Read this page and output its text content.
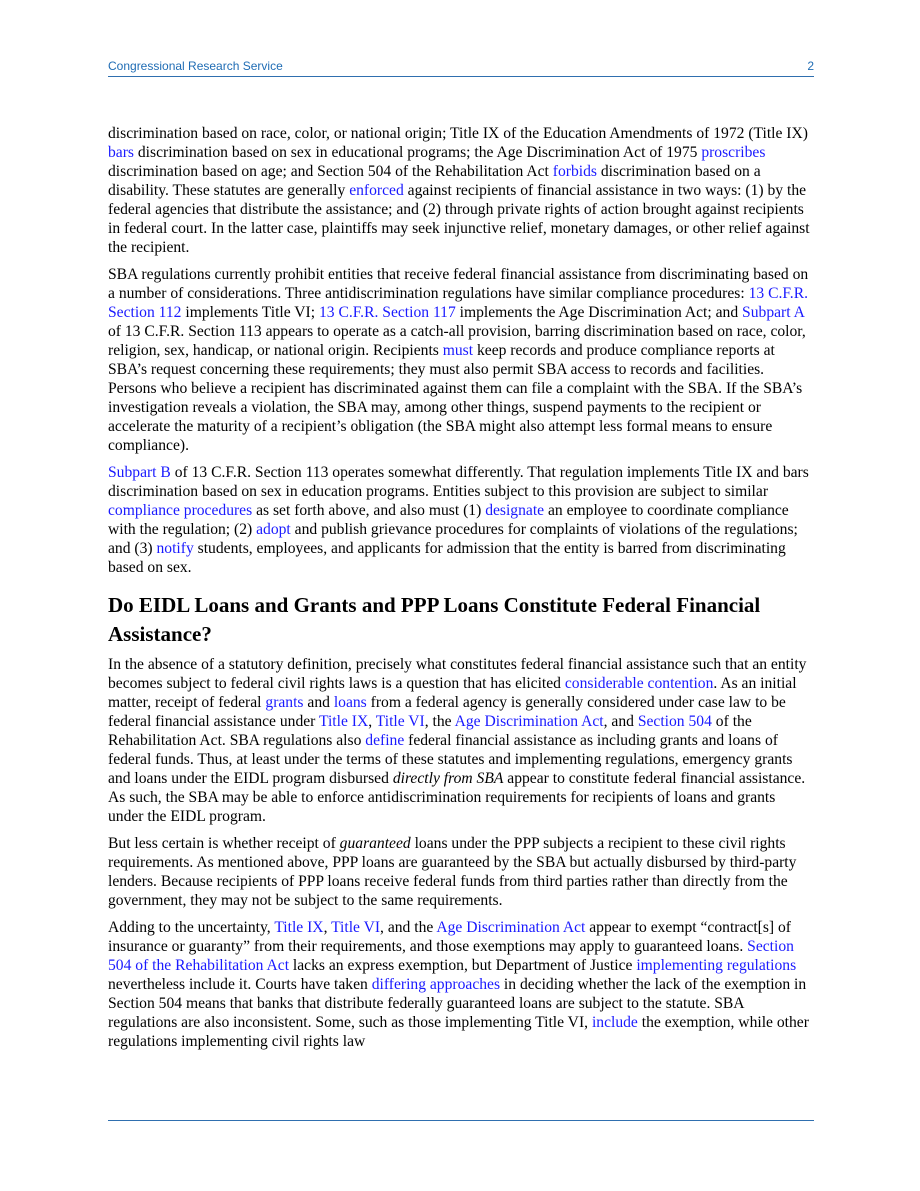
Congressional Research Service	2

discrimination based on race, color, or national origin; Title IX of the Education Amendments of 1972 (Title IX) bars discrimination based on sex in educational programs; the Age Discrimination Act of 1975 proscribes discrimination based on age; and Section 504 of the Rehabilitation Act forbids discrimination based on a disability. These statutes are generally enforced against recipients of financial assistance in two ways: (1) by the federal agencies that distribute the assistance; and (2) through private rights of action brought against recipients in federal court. In the latter case, plaintiffs may seek injunctive relief, monetary damages, or other relief against the recipient.

SBA regulations currently prohibit entities that receive federal financial assistance from discriminating based on a number of considerations. Three antidiscrimination regulations have similar compliance procedures: 13 C.F.R. Section 112 implements Title VI; 13 C.F.R. Section 117 implements the Age Discrimination Act; and Subpart A of 13 C.F.R. Section 113 appears to operate as a catch-all provision, barring discrimination based on race, color, religion, sex, handicap, or national origin. Recipients must keep records and produce compliance reports at SBA’s request concerning these requirements; they must also permit SBA access to records and facilities. Persons who believe a recipient has discriminated against them can file a complaint with the SBA. If the SBA’s investigation reveals a violation, the SBA may, among other things, suspend payments to the recipient or accelerate the maturity of a recipient’s obligation (the SBA might also attempt less formal means to ensure compliance).

Subpart B of 13 C.F.R. Section 113 operates somewhat differently. That regulation implements Title IX and bars discrimination based on sex in education programs. Entities subject to this provision are subject to similar compliance procedures as set forth above, and also must (1) designate an employee to coordinate compliance with the regulation; (2) adopt and publish grievance procedures for complaints of violations of the regulations; and (3) notify students, employees, and applicants for admission that the entity is barred from discriminating based on sex.

Do EIDL Loans and Grants and PPP Loans Constitute Federal Financial Assistance?

In the absence of a statutory definition, precisely what constitutes federal financial assistance such that an entity becomes subject to federal civil rights laws is a question that has elicited considerable contention. As an initial matter, receipt of federal grants and loans from a federal agency is generally considered under case law to be federal financial assistance under Title IX, Title VI, the Age Discrimination Act, and Section 504 of the Rehabilitation Act. SBA regulations also define federal financial assistance as including grants and loans of federal funds. Thus, at least under the terms of these statutes and implementing regulations, emergency grants and loans under the EIDL program disbursed directly from SBA appear to constitute federal financial assistance. As such, the SBA may be able to enforce antidiscrimination requirements for recipients of loans and grants under the EIDL program.

But less certain is whether receipt of guaranteed loans under the PPP subjects a recipient to these civil rights requirements. As mentioned above, PPP loans are guaranteed by the SBA but actually disbursed by third-party lenders. Because recipients of PPP loans receive federal funds from third parties rather than directly from the government, they may not be subject to the same requirements.

Adding to the uncertainty, Title IX, Title VI, and the Age Discrimination Act appear to exempt “contract[s] of insurance or guaranty” from their requirements, and those exemptions may apply to guaranteed loans. Section 504 of the Rehabilitation Act lacks an express exemption, but Department of Justice implementing regulations nevertheless include it. Courts have taken differing approaches in deciding whether the lack of the exemption in Section 504 means that banks that distribute federally guaranteed loans are subject to the statute. SBA regulations are also inconsistent. Some, such as those implementing Title VI, include the exemption, while other regulations implementing civil rights law
